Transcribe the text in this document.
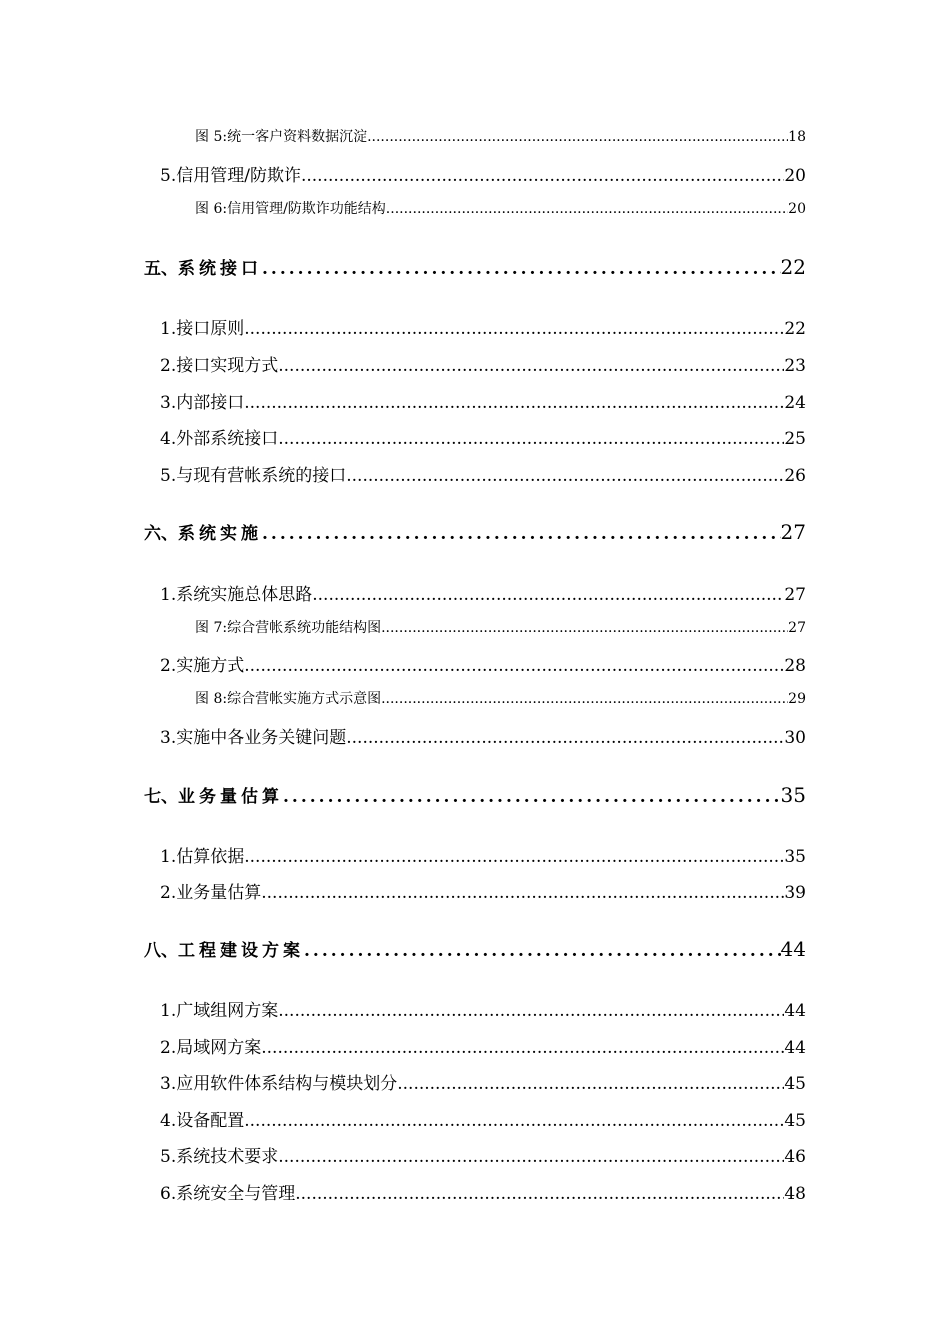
图 5: 统一客户资料数据沉淀 .....	18
5. 信用管理/防欺诈 .....	20
图 6: 信用管理/防欺诈功能结构 .....	20
五、 系统接口 .....	22
1. 接口原则 .....	22
2. 接口实现方式 .....	23
3. 内部接口 .....	24
4. 外部系统接口 .....	25
5. 与现有营帐系统的接口 .....	26
六、 系统实施 .....	27
1. 系统实施总体思路 .....	27
图 7: 综合营帐系统功能结构图 .....	27
2. 实施方式 .....	28
图 8: 综合营帐实施方式示意图 .....	29
3. 实施中各业务关键问题 .....	30
七、 业务量估算 .....	35
1. 估算依据 .....	35
2. 业务量估算 .....	39
八、 工程建设方案 .....	44
1. 广域组网方案 .....	44
2. 局域网方案 .....	44
3. 应用软件体系结构与模块划分 .....	45
4. 设备配置 .....	45
5. 系统技术要求 .....	46
6. 系统安全与管理 .....	48
